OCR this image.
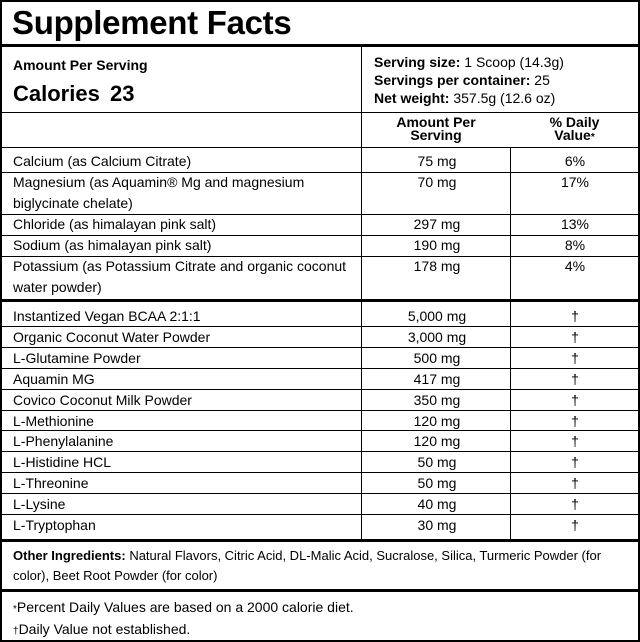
Supplement Facts
Amount Per Serving
Calories 23
Serving size: 1 Scoop (14.3g)
Servings per container: 25
Net weight: 357.5g (12.6 oz)
Amount Per
Serving
% Daily
Value*
Calcium (as Calcium Citrate)	75 mg	6%
Magnesium (as Aquamin® Mg and magnesium biglycinate chelate)
70 mg	17%
Chloride (as himalayan pink salt)	297 mg	13%
Sodium (as himalayan pink salt)	190 mg	8%
Potassium (as Potassium Citrate and organic coconut water powder)
178 mg	4%
Instantized Vegan BCAA 2:1:1	5,000 mg	†
Organic Coconut Water Powder	3,000 mg	†
L-Glutamine Powder	500 mg	†
Aquamin MG	417 mg	†
Covico Coconut Milk Powder	350 mg	†
L-Methionine	120 mg	†
L-Phenylalanine	120 mg	†
L-Histidine HCL	50 mg	†
L-Threonine	50 mg	†
L-Lysine	40 mg	†
L-Tryptophan	30 mg	†
Other Ingredients: Natural Flavors, Citric Acid, DL-Malic Acid, Sucralose, Silica, Turmeric Powder (for color), Beet Root Powder (for color)
*Percent Daily Values are based on a 2000 calorie diet.
†Daily Value not established.
